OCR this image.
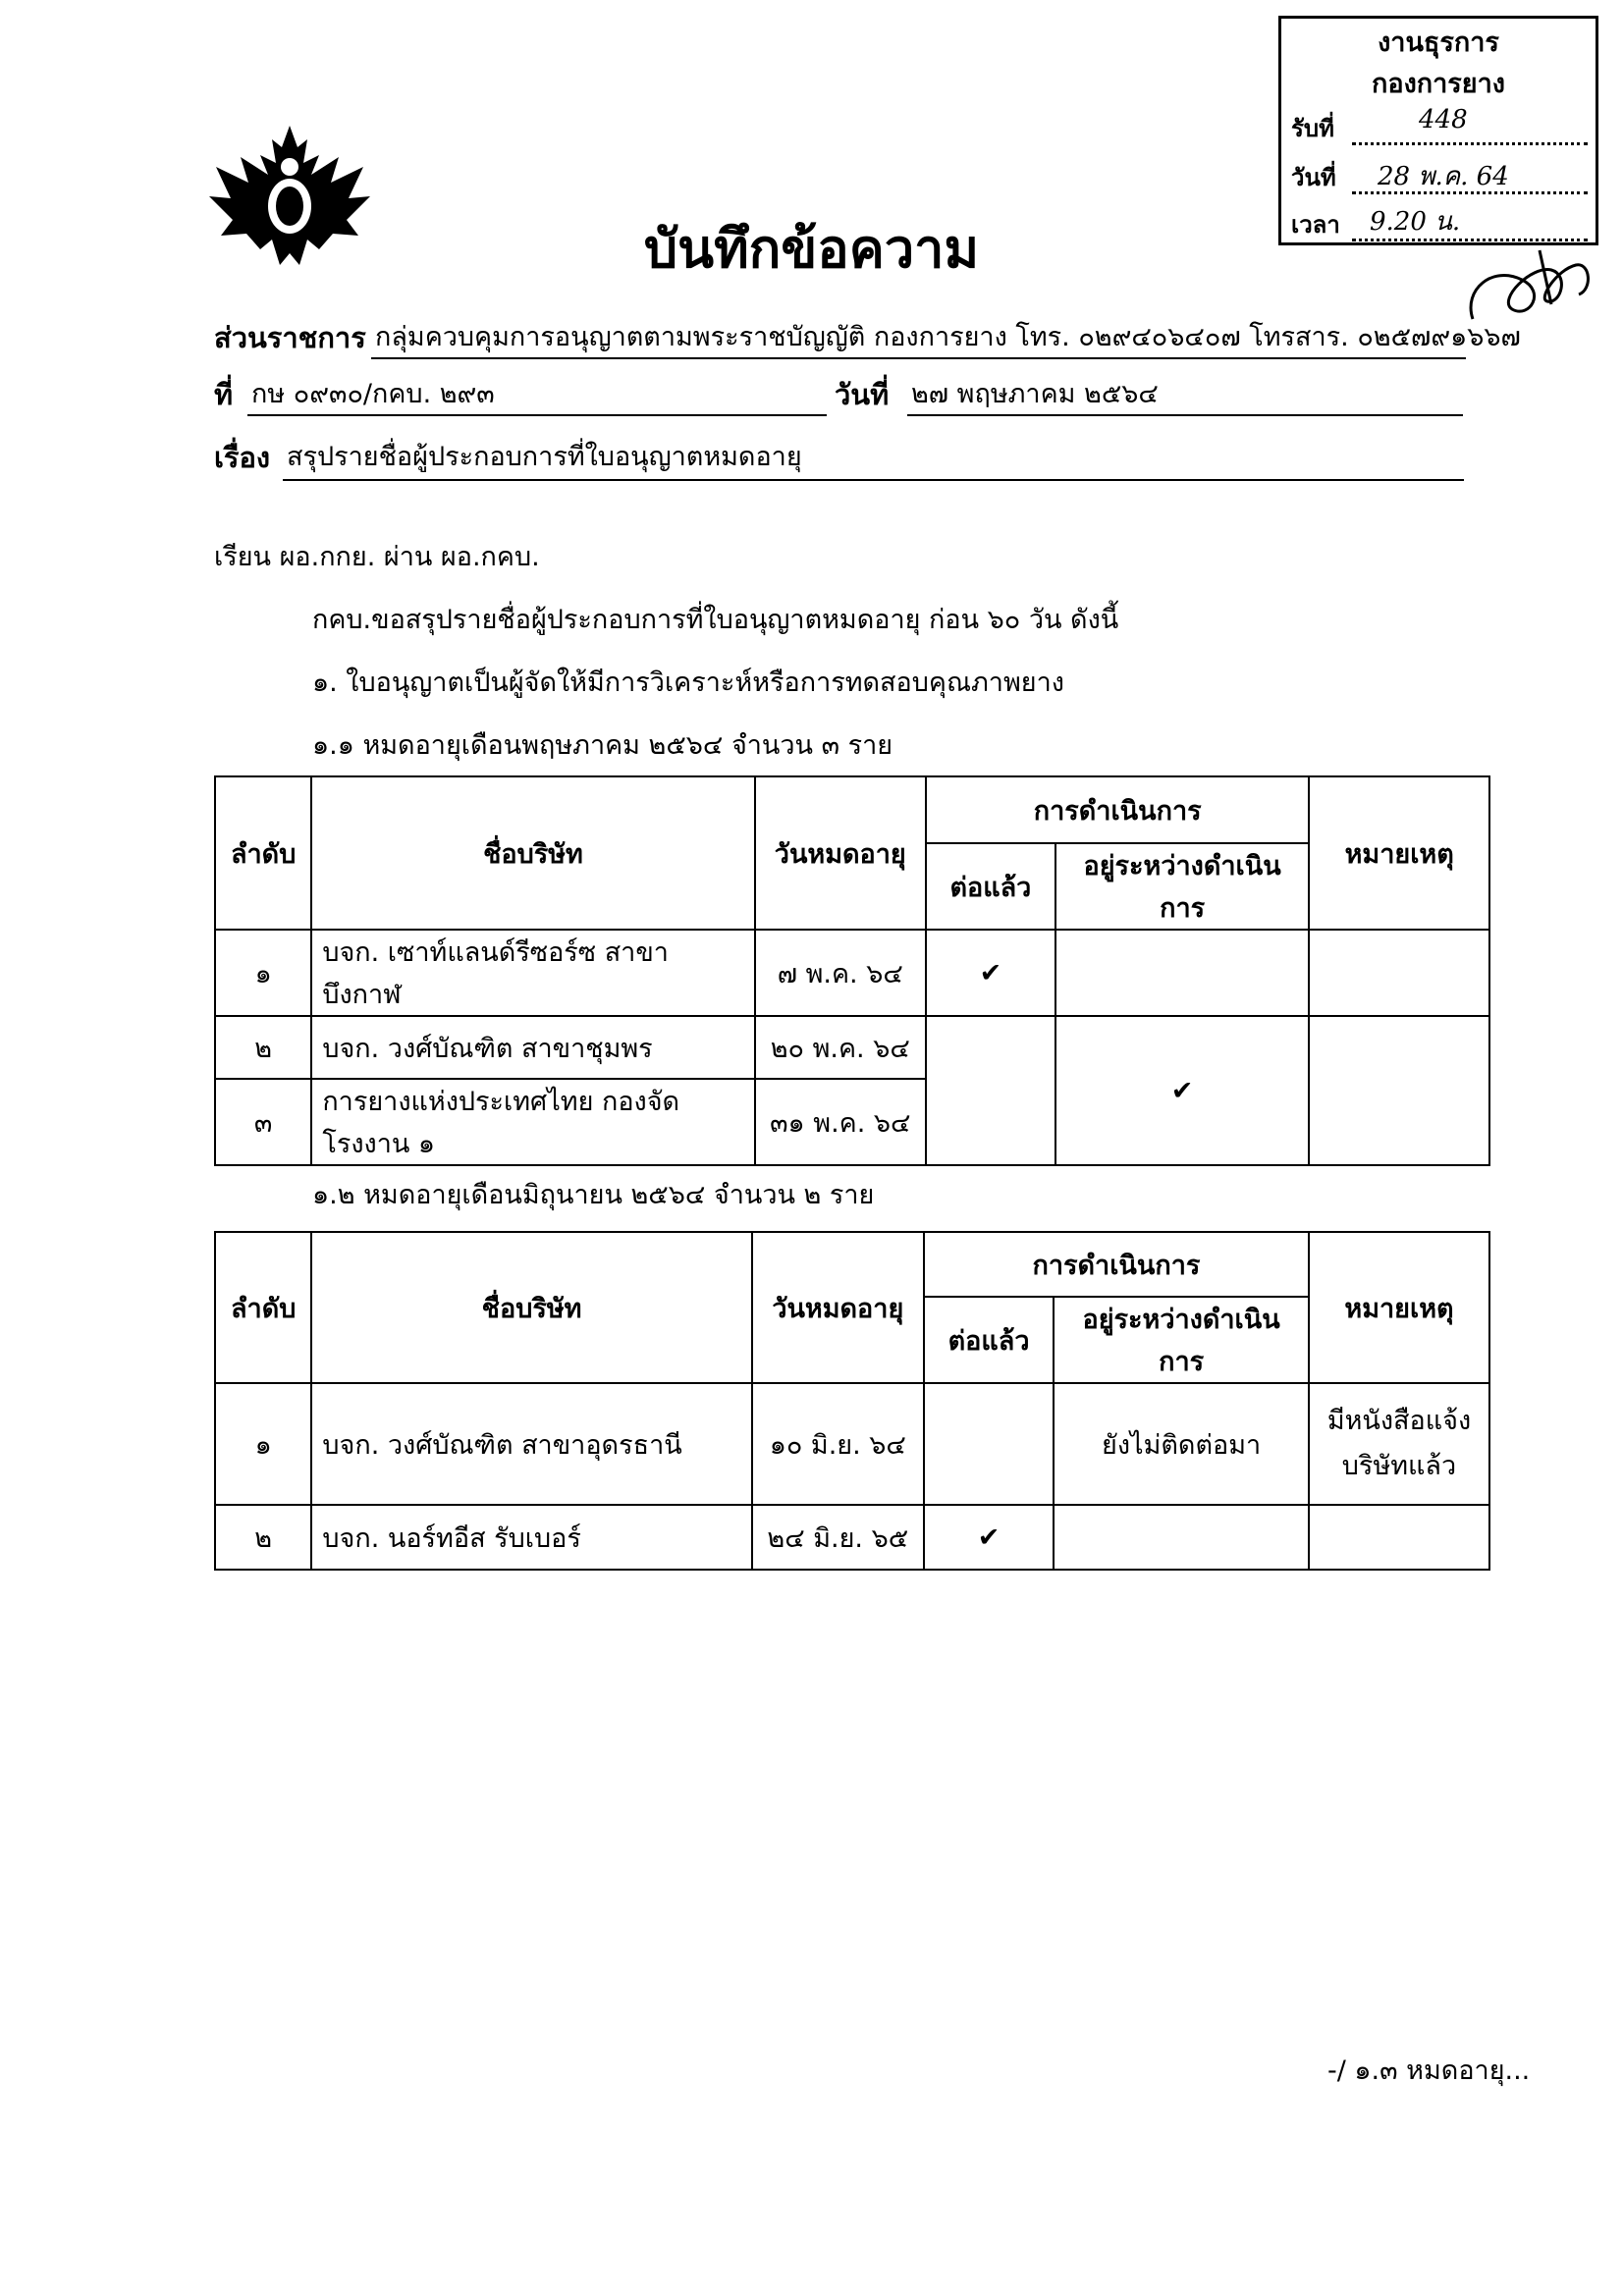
งานธุรการ
กองการยาง
รับที่	448
วันที่ 28 พ.ค. 64
เวลา 9.20 น.
บันทึกข้อความ
ส่วนราชการ กลุ่มควบคุมการอนุญาตตามพระราชบัญญัติ กองการยาง โทร. ๐๒๙๔๐๖๔๐๗ โทรสาร. ๐๒๕๗๙๑๖๖๗
ที่ กษ ๐๙๓๐/กคบ. ๒๙๓	วันที่ ๒๗ พฤษภาคม ๒๕๖๔
เรื่อง สรุปรายชื่อผู้ประกอบการที่ใบอนุญาตหมดอายุ
เรียน ผอ.กกย. ผ่าน ผอ.กคบ.
กคบ.ขอสรุปรายชื่อผู้ประกอบการที่ใบอนุญาตหมดอายุ ก่อน ๖๐ วัน ดังนี้
๑. ใบอนุญาตเป็นผู้จัดให้มีการวิเคราะห์หรือการทดสอบคุณภาพยาง
๑.๑ หมดอายุเดือนพฤษภาคม ๒๕๖๔ จำนวน ๓ ราย
ลำดับ	ชื่อบริษัท	วันหมดอายุ	การดำเนินการ		หมายเหตุ
			ต่อแล้ว	อยู่ระหว่างดำเนินการ	
๑	บจก. เซาท์แลนด์รีซอร์ซ สาขาบึงกาฬ	๗ พ.ค. ๖๔	✔		
๒	บจก. วงศ์บัณฑิต สาขาชุมพร	๒๐ พ.ค. ๖๔		✔	
๓	การยางแห่งประเทศไทย กองจัดโรงงาน ๑	๓๑ พ.ค. ๖๔			
๑.๒ หมดอายุเดือนมิถุนายน ๒๕๖๔ จำนวน ๒ ราย
ลำดับ	ชื่อบริษัท	วันหมดอายุ	การดำเนินการ		หมายเหตุ
			ต่อแล้ว	อยู่ระหว่างดำเนินการ	
๑	บจก. วงศ์บัณฑิต สาขาอุดรธานี	๑๐ มิ.ย. ๖๔		ยังไม่ติดต่อมา	มีหนังสือแจ้ง
บริษัทแล้ว

๒	บจก. นอร์ทอีส รับเบอร์	๒๔ มิ.ย. ๖๕	✔		
-/ ๑.๓ หมดอายุ...
